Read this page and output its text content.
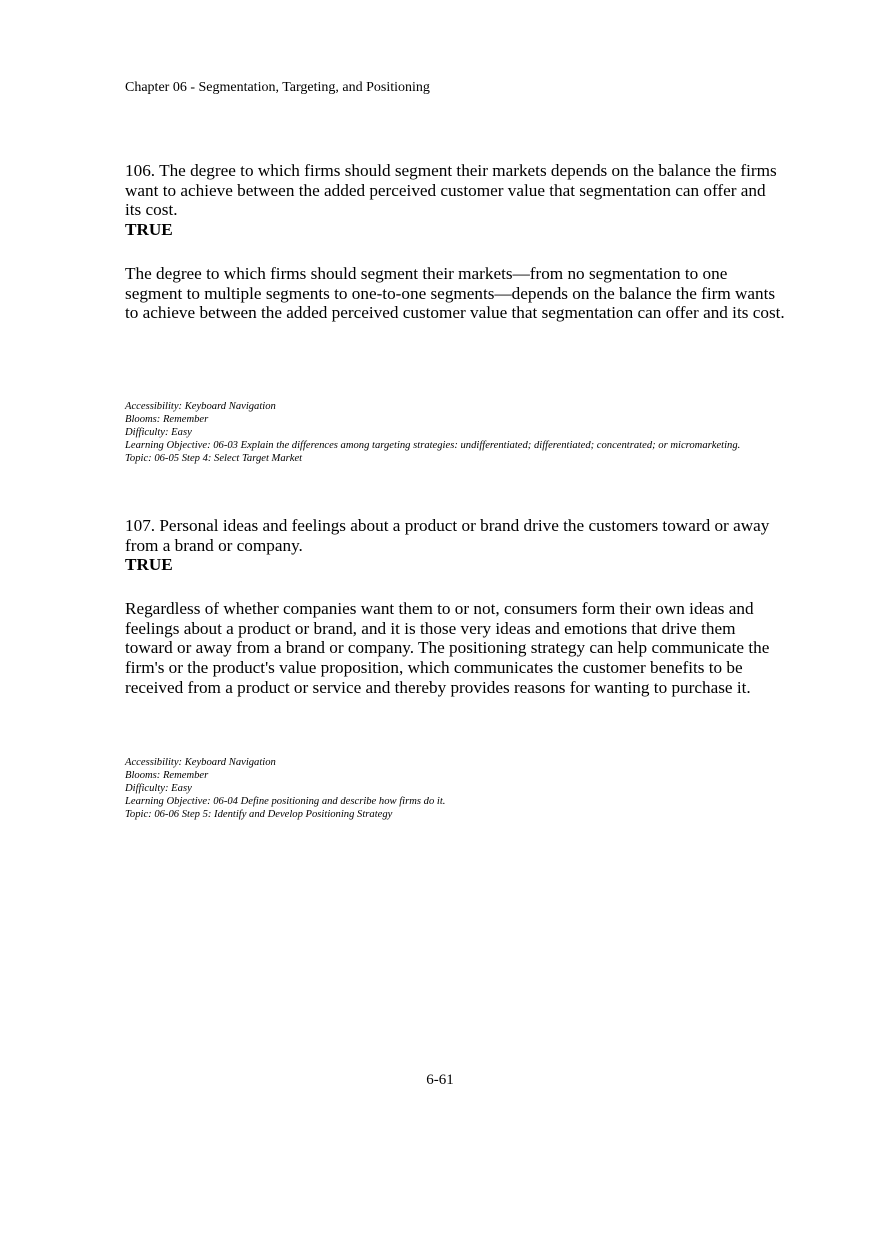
Chapter 06 - Segmentation, Targeting, and Positioning
106. The degree to which firms should segment their markets depends on the balance the firms want to achieve between the added perceived customer value that segmentation can offer and its cost.
TRUE
The degree to which firms should segment their markets—from no segmentation to one segment to multiple segments to one-to-one segments—depends on the balance the firm wants to achieve between the added perceived customer value that segmentation can offer and its cost.
Accessibility: Keyboard Navigation
Blooms: Remember
Difficulty: Easy
Learning Objective: 06-03 Explain the differences among targeting strategies: undifferentiated; differentiated; concentrated; or micromarketing.
Topic: 06-05 Step 4: Select Target Market
107. Personal ideas and feelings about a product or brand drive the customers toward or away from a brand or company.
TRUE
Regardless of whether companies want them to or not, consumers form their own ideas and feelings about a product or brand, and it is those very ideas and emotions that drive them toward or away from a brand or company. The positioning strategy can help communicate the firm's or the product's value proposition, which communicates the customer benefits to be received from a product or service and thereby provides reasons for wanting to purchase it.
Accessibility: Keyboard Navigation
Blooms: Remember
Difficulty: Easy
Learning Objective: 06-04 Define positioning and describe how firms do it.
Topic: 06-06 Step 5: Identify and Develop Positioning Strategy
6-61
